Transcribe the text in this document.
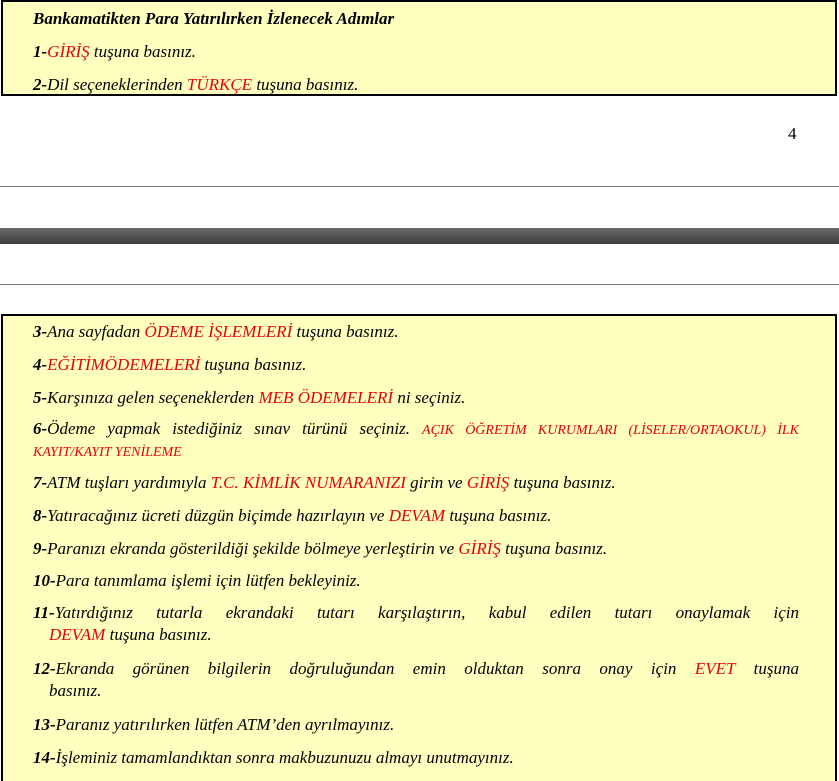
Bankamatikten Para Yatırılırken İzlenecek Adımlar

1-GİRİŞ tuşuna basınız.

2-Dil seçeneklerinden TÜRKÇE tuşuna basınız.

4

3-Ana sayfadan ÖDEME İŞLEMLERİ tuşuna basınız.

4-EĞİTİMÖDEMELERİ tuşuna basınız.

5-Karşınıza gelen seçeneklerden MEB ÖDEMELERİ ni seçiniz.

6-Ödeme yapmak istediğiniz sınav türünü seçiniz. AÇIK ÖĞRETİM KURUMLARI (LİSELER/ORTAOKUL) İLK KAYIT/KAYIT YENİLEME

7-ATM tuşları yardımıyla T.C. KİMLİK NUMARANIZI girin ve GİRİŞ tuşuna basınız.

8-Yatıracağınız ücreti düzgün biçimde hazırlayın ve DEVAM tuşuna basınız.

9-Paranızı ekranda gösterildiği şekilde bölmeye yerleştirin ve GİRİŞ tuşuna basınız.

10-Para tanımlama işlemi için lütfen bekleyiniz.

11-Yatırdığınız tutarla ekrandaki tutarı karşılaştırın, kabul edilen tutarı onaylamak için
DEVAM tuşuna basınız.
12-Ekranda görünen bilgilerin doğruluğundan emin olduktan sonra onay için EVET tuşuna
basınız.

13-Paranız yatırılırken lütfen ATM’den ayrılmayınız.

14-İşleminiz tamamlandıktan sonra makbuzunuzu almayı unutmayınız.
